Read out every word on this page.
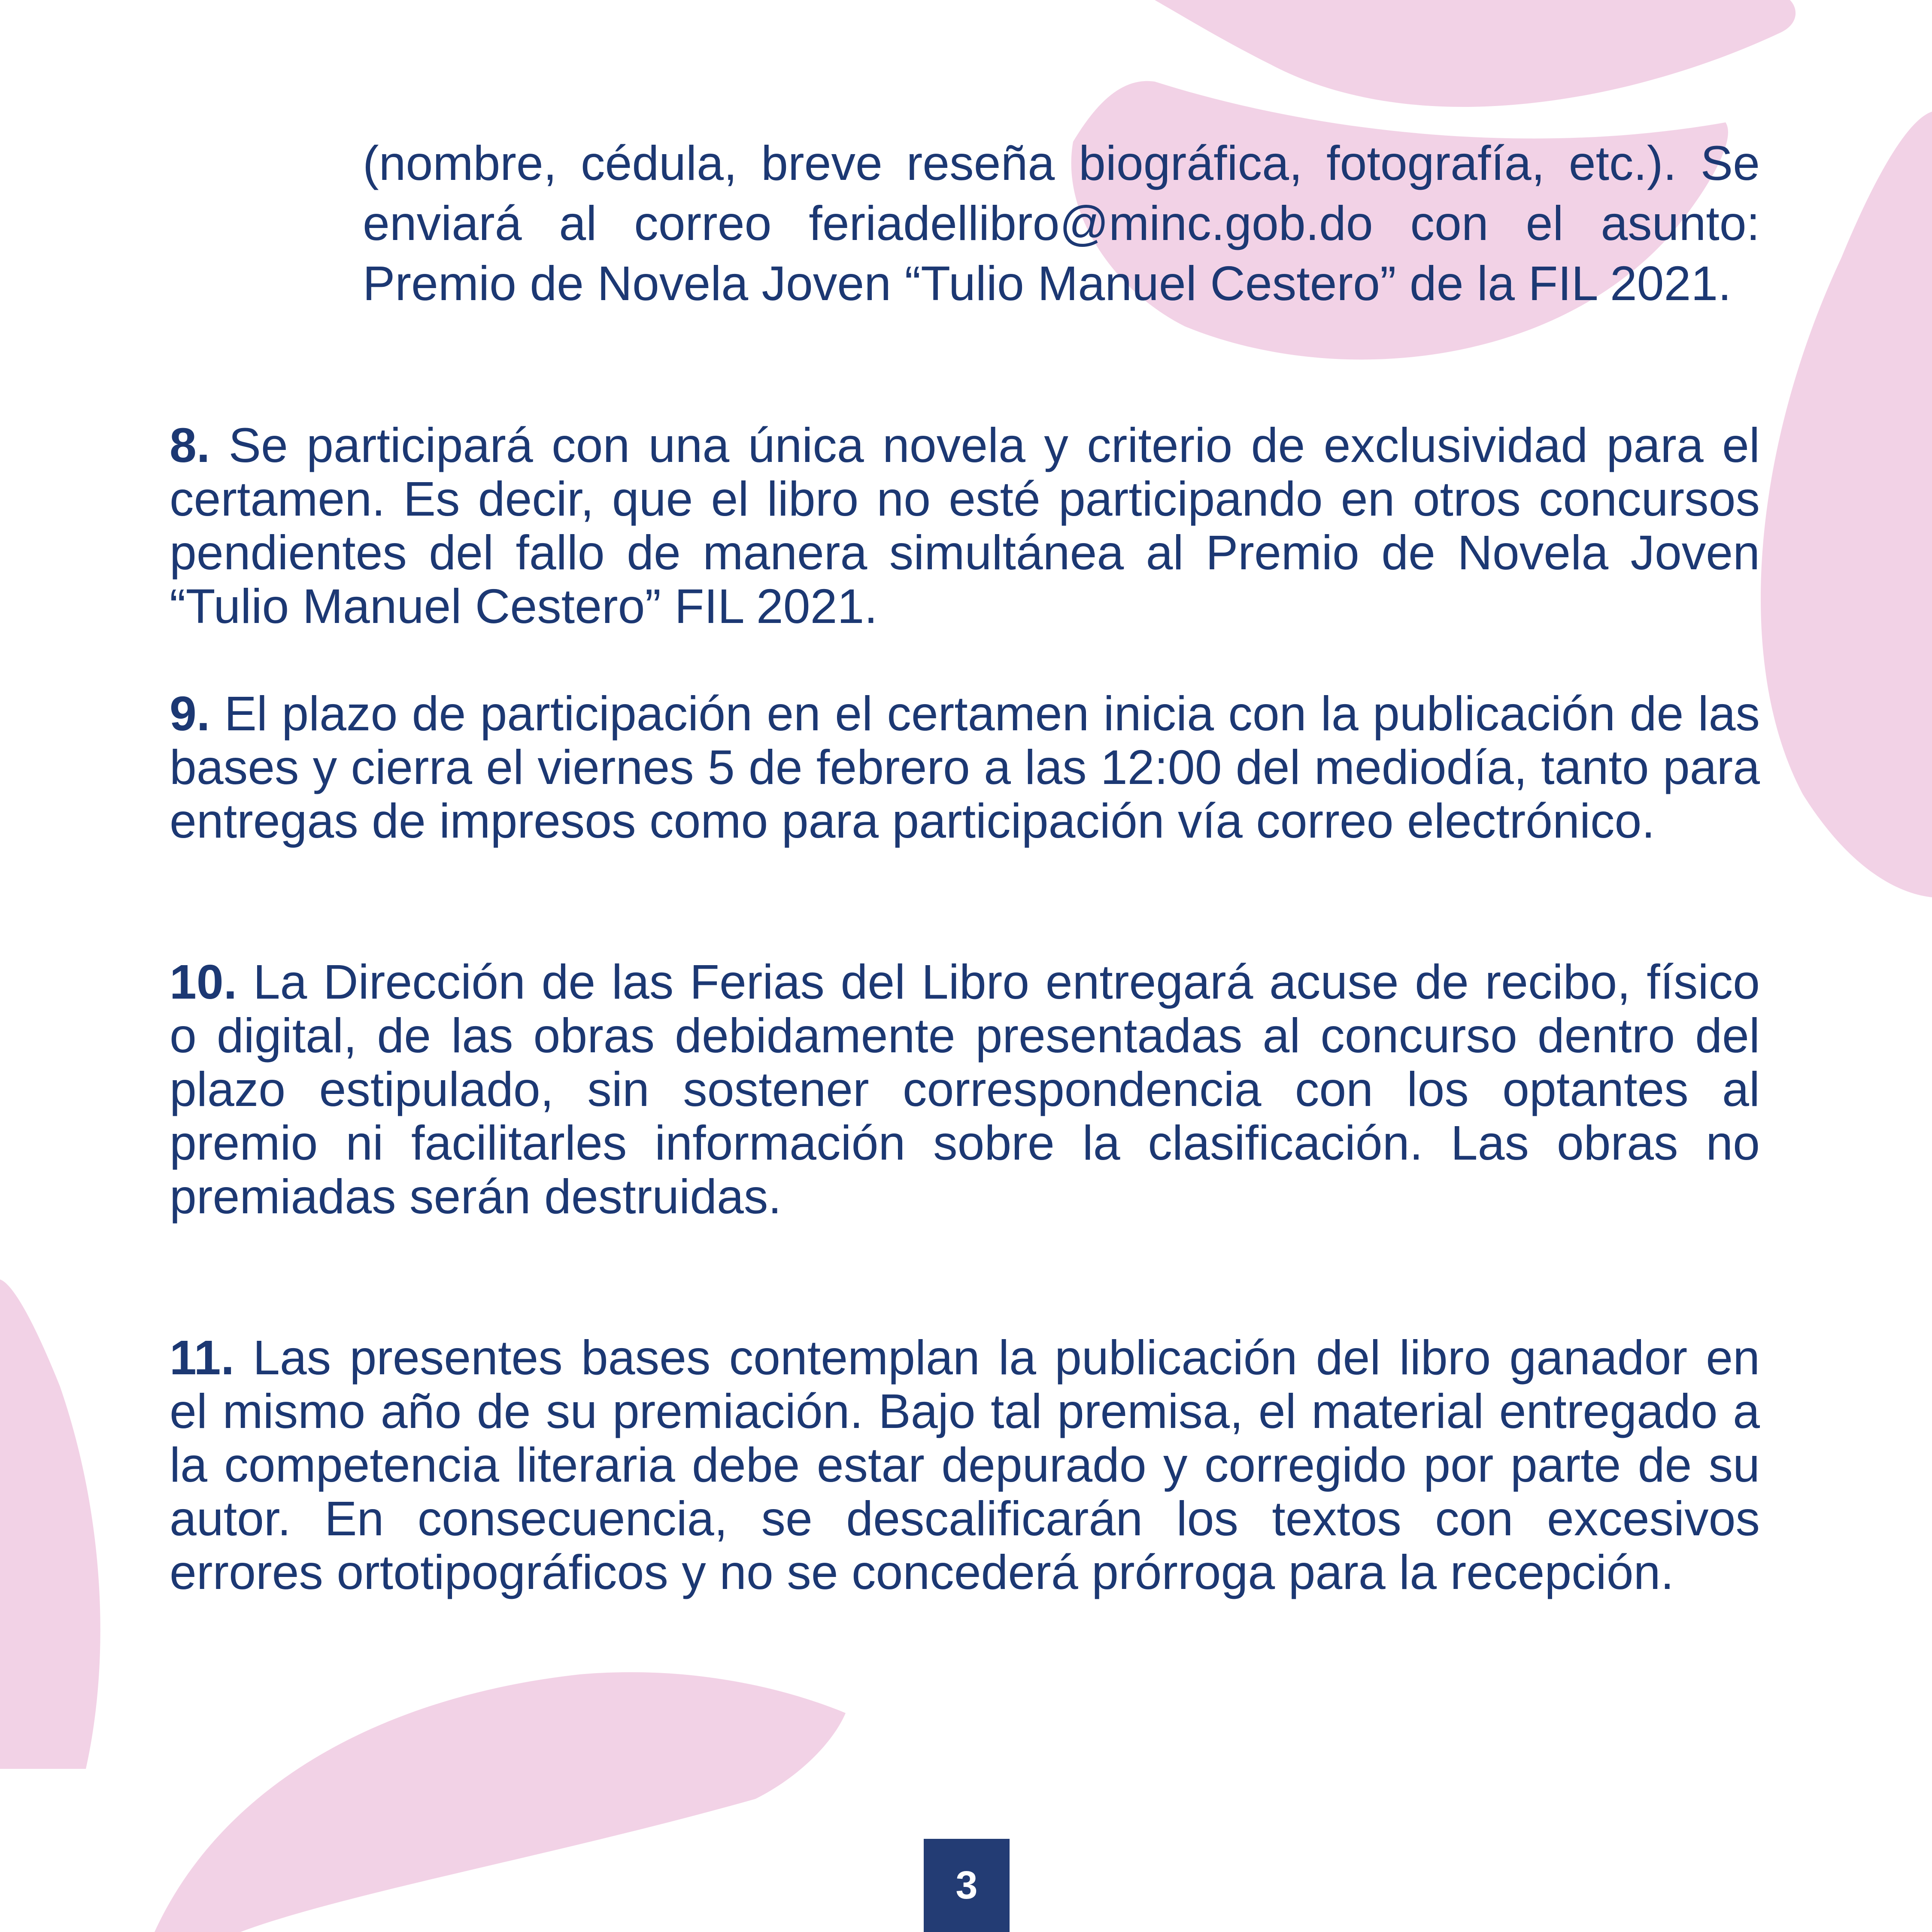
(nombre, cédula, breve reseña biográfica, fotografía, etc.). Se enviará al correo feriadellibro@minc.gob.do con el asunto: Premio de Novela Joven “Tulio Manuel Cestero” de la FIL 2021.

8. Se participará con una única novela y criterio de exclusividad para el certamen. Es decir, que el libro no esté participando en otros concursos pendientes del fallo de manera simultánea al Premio de Novela Joven “Tulio Manuel Cestero” FIL 2021.

9. El plazo de participación en el certamen inicia con la publicación de las bases y cierra el viernes 5 de febrero a las 12:00 del mediodía, tanto para entregas de impresos como para participación vía correo electrónico.

10. La Dirección de las Ferias del Libro entregará acuse de recibo, físico o digital, de las obras debidamente presentadas al concurso dentro del plazo estipulado, sin sostener correspondencia con los optantes al premio ni facilitarles información sobre la clasificación. Las obras no premiadas serán destruidas.

11. Las presentes bases contemplan la publicación del libro ganador en el mismo año de su premiación. Bajo tal premisa, el material entregado a la competencia literaria debe estar depurado y corregido por parte de su autor. En consecuencia, se descalificarán los textos con excesivos errores ortotipográficos y no se concederá prórroga para la recepción.

3
